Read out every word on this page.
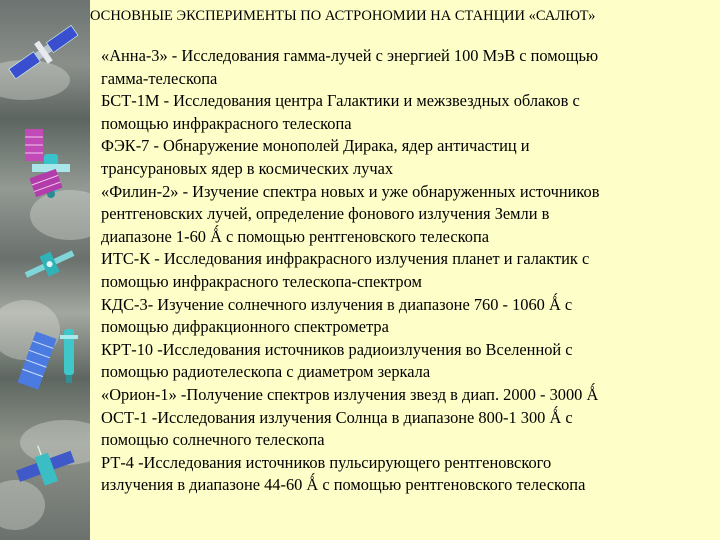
ОСНОВНЫЕ ЭКСПЕРИМЕНТЫ ПО АСТРОНОМИИ НА СТАНЦИИ «САЛЮТ»
«Анна-3» - Исследования гамма-лучей с энергией 100 МэВ с помощью
гамма-телескопа
БСТ-1М - Исследования центра Галактики и межзвездных облаков с
помощью инфракрасного телескопа
ФЭК-7 - Обнаружение монополей Дирака, ядер античастиц и
трансурановых ядер в космических лучах
«Филин-2» - Изучение спектра новых и уже обнаруженных источников
рентгеновских лучей, определение фонового излучения Земли в
диапазоне 1-60 Ǻ с помощью рентгеновского телескопа
ИТС-К - Исследования инфракрасного излучения планет и галактик с
помощью инфракрасного телескопа-спектром
КДС-3- Изучение солнечного излучения в диапазоне 760 - 1060 Ǻ с
помощью дифракционного спектрометра
КРТ-10 -Исследования источников радиоизлучения во Вселенной с
помощью радиотелескопа с диаметром зеркала
«Орион-1» -Получение спектров излучения звезд в диап. 2000 - 3000 Ǻ
ОСТ-1 -Исследования излучения Солнца в диапазоне 800-1 300 Ǻ с
помощью солнечного телескопа
РТ-4 -Исследования источников пульсирующего рентгеновского
излучения в диапазоне 44-60 Ǻ с помощью рентгеновского телескопа
